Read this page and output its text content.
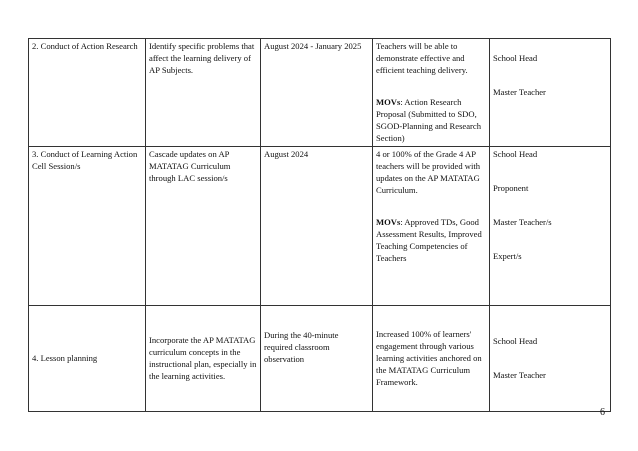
2. Conduct of Action Research	Identify specific problems that affect the learning delivery of AP Subjects.	August 2024 - January 2025	Teachers will be able to demonstrate effective and efficient teaching delivery.
MOVs: Action Research Proposal (Submitted to SDO, SGOD-Planning and Research Section)	School Head
Master Teacher

3. Conduct of Learning Action Cell Session/s	Cascade updates on AP MATATAG Curriculum through LAC session/s	August 2024	4 or 100% of the Grade 4 AP teachers will be provided with updates on the AP MATATAG Curriculum.
MOVs: Approved TDs, Good Assessment Results, Improved Teaching Competencies of Teachers	School Head
Proponent
Master Teacher/s
Expert/s

4. Lesson planning	Incorporate the AP MATATAG curriculum concepts in the instructional plan, especially in the learning activities.	During the 40-minute required classroom observation	Increased 100% of learners' engagement through various learning activities anchored on the MATATAG Curriculum Framework.	School Head
Master Teacher
6
